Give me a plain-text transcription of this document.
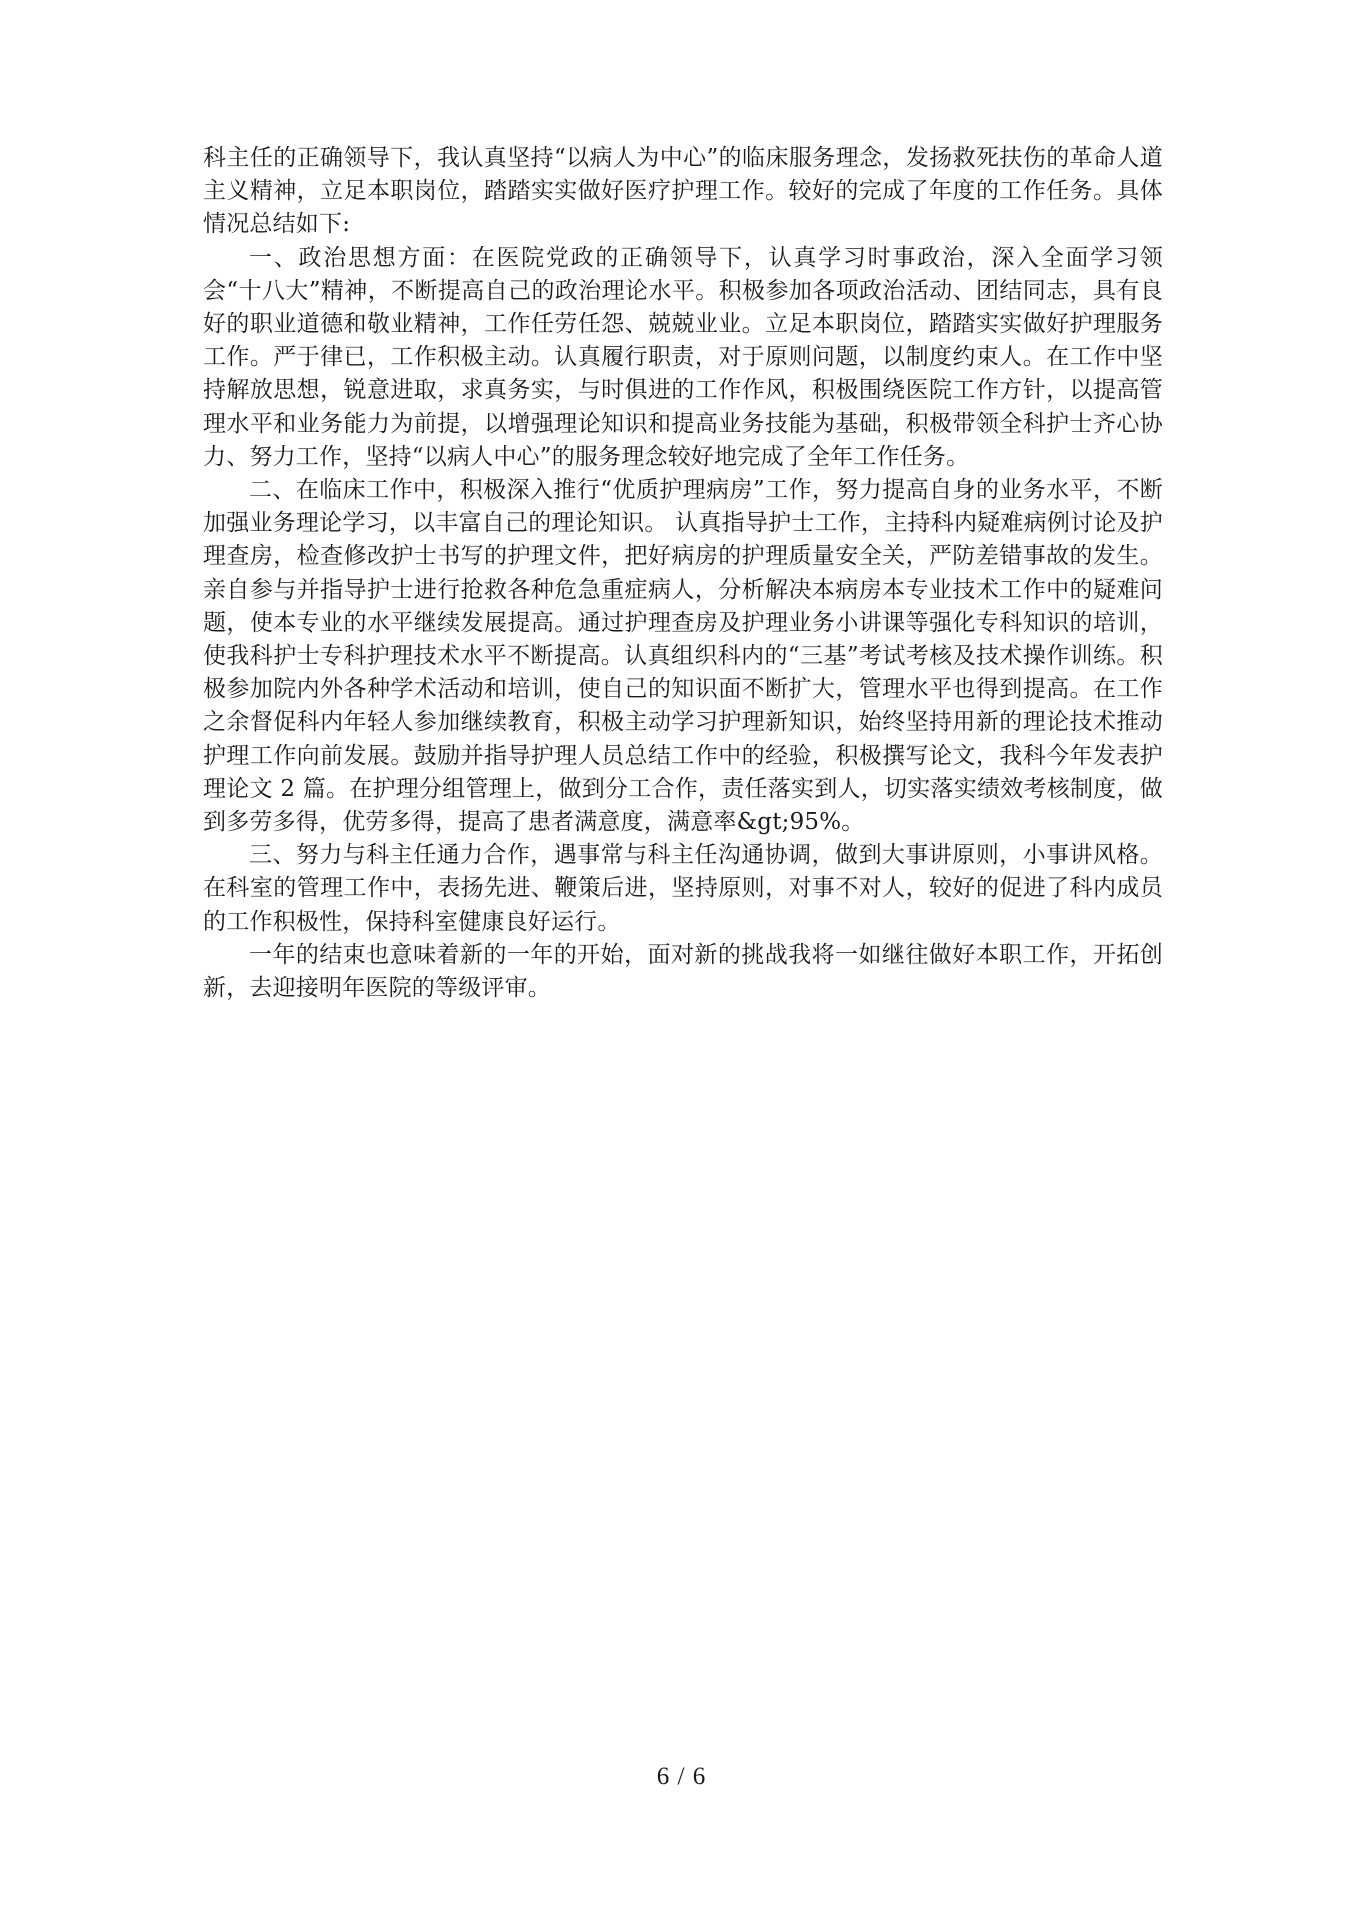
科主任的正确领导下，我认真坚持“以病人为中心”的临床服务理念，发扬救死扶伤的革命人道主义精神，立足本职岗位，踏踏实实做好医疗护理工作。较好的完成了年度的工作任务。具体情况总结如下:

一、政治思想方面：在医院党政的正确领导下，认真学习时事政治，深入全面学习领会“十八大”精神，不断提高自己的政治理论水平。积极参加各项政治活动、团结同志，具有良好的职业道德和敬业精神，工作任劳任怨、兢兢业业。立足本职岗位，踏踏实实做好护理服务工作。严于律已，工作积极主动。认真履行职责，对于原则问题，以制度约束人。在工作中坚持解放思想，锐意进取，求真务实，与时俱进的工作作风，积极围绕医院工作方针，以提高管理水平和业务能力为前提，以增强理论知识和提高业务技能为基础，积极带领全科护士齐心协力、努力工作，坚持“以病人中心”的服务理念较好地完成了全年工作任务。

二、在临床工作中，积极深入推行“优质护理病房”工作，努力提高自身的业务水平，不断加强业务理论学习，以丰富自己的理论知识。 认真指导护士工作，主持科内疑难病例讨论及护理查房，检查修改护士书写的护理文件，把好病房的护理质量安全关，严防差错事故的发生。亲自参与并指导护士进行抢救各种危急重症病人，分析解决本病房本专业技术工作中的疑难问题，使本专业的水平继续发展提高。通过护理查房及护理业务小讲课等强化专科知识的培训，使我科护士专科护理技术水平不断提高。认真组织科内的“三基”考试考核及技术操作训练。积极参加院内外各种学术活动和培训，使自己的知识面不断扩大，管理水平也得到提高。在工作之余督促科内年轻人参加继续教育，积极主动学习护理新知识，始终坚持用新的理论技术推动护理工作向前发展。鼓励并指导护理人员总结工作中的经验，积极撰写论文，我科今年发表护理论文 2 篇。在护理分组管理上，做到分工合作，责任落实到人，切实落实绩效考核制度，做到多劳多得，优劳多得，提高了患者满意度，满意率&gt;95%。

三、努力与科主任通力合作，遇事常与科主任沟通协调，做到大事讲原则，小事讲风格。在科室的管理工作中，表扬先进、鞭策后进，坚持原则，对事不对人，较好的促进了科内成员的工作积极性，保持科室健康良好运行。

一年的结束也意味着新的一年的开始，面对新的挑战我将一如继往做好本职工作，开拓创新，去迎接明年医院的等级评审。

6 / 6
